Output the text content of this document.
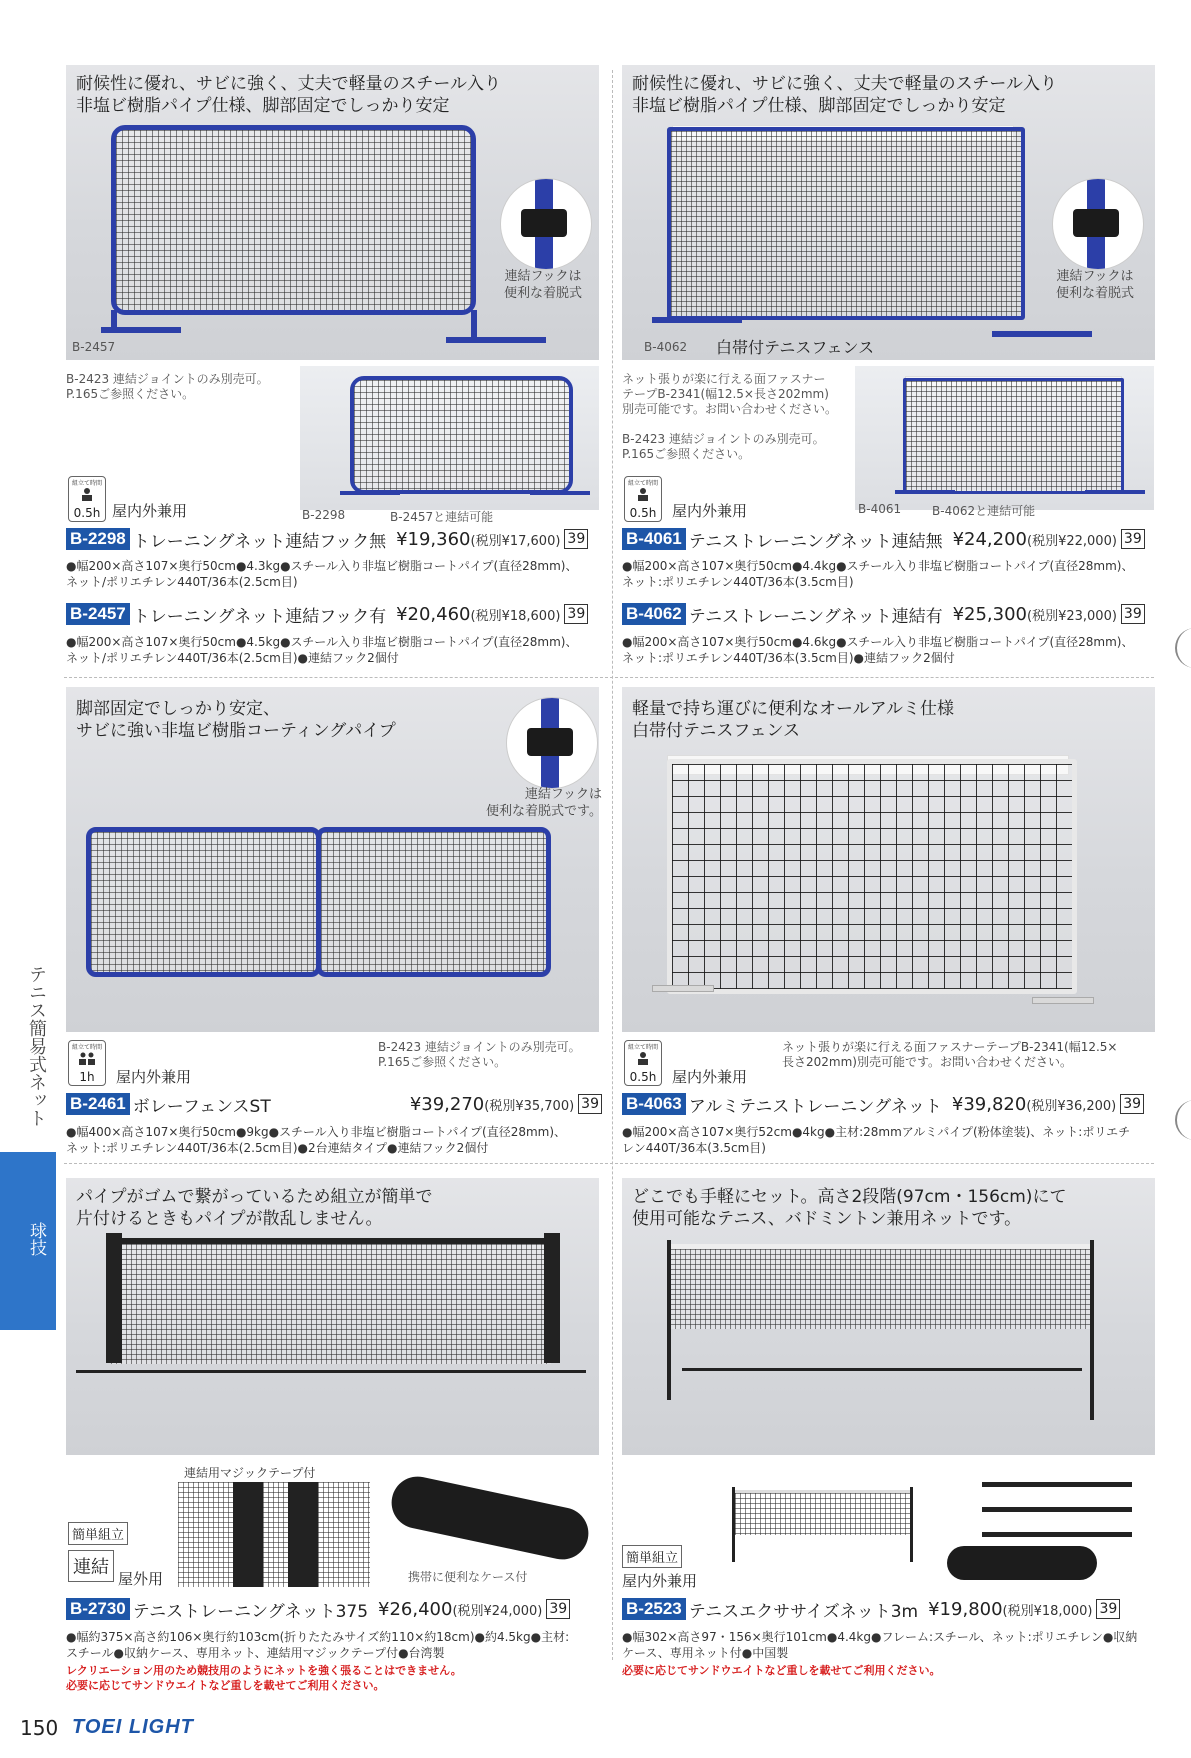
テニス簡易式ネット
球技
耐候性に優れ、サビに強く、丈夫で軽量のスチール入り
非塩ビ樹脂パイプ仕様、脚部固定でしっかり安定
連結フックは
便利な着脱式
B-2457
B-2423 連結ジョイントのみ別売可。
P.165ご参照ください。
B-2298	B-2457と連結可能
組立て時間
0.5h 屋内外兼用
B-2298 トレーニングネット連結フック無 ¥19,360 (税別¥17,600) 39
●幅200×高さ107×奥行50cm●4.3kg●スチール入り非塩ビ樹脂コートパイプ(直径28mm)、
ネット/ポリエチレン440T/36本(2.5cm目)
B-2457 トレーニングネット連結フック有 ¥20,460 (税別¥18,600) 39
●幅200×高さ107×奥行50cm●4.5kg●スチール入り非塩ビ樹脂コートパイプ(直径28mm)、
ネット/ポリエチレン440T/36本(2.5cm目)●連結フック2個付
耐候性に優れ、サビに強く、丈夫で軽量のスチール入り
非塩ビ樹脂パイプ仕様、脚部固定でしっかり安定
連結フックは
便利な着脱式
B-4062 白帯付テニスフェンス
ネット張りが楽に行える面ファスナー
テープB-2341(幅12.5×長さ202mm)
別売可能です。お問い合わせください。

B-2423 連結ジョイントのみ別売可。
P.165ご参照ください。
B-4061	B-4062と連結可能
組立て時間
0.5h	屋内外兼用
B-4061 テニストレーニングネット連結無 ¥24,200 (税別¥22,000) 39
●幅200×高さ107×奥行50cm●4.4kg●スチール入り非塩ビ樹脂コートパイプ(直径28mm)、
ネット:ポリエチレン440T/36本(3.5cm目)
B-4062 テニストレーニングネット連結有 ¥25,300 (税別¥23,000) 39
●幅200×高さ107×奥行50cm●4.6kg●スチール入り非塩ビ樹脂コートパイプ(直径28mm)、
ネット:ポリエチレン440T/36本(3.5cm目)●連結フック2個付
脚部固定でしっかり安定、
サビに強い非塩ビ樹脂コーティングパイプ
連結フックは
便利な着脱式です。
B-2423 連結ジョイントのみ別売可。
P.165ご参照ください。
組立て時間
1h	屋内外兼用
B-2461 ボレーフェンスST	¥39,270 (税別¥35,700) 39
●幅400×高さ107×奥行50cm●9kg●スチール入り非塩ビ樹脂コートパイプ(直径28mm)、
ネット:ポリエチレン440T/36本(2.5cm目)●2台連結タイプ●連結フック2個付
軽量で持ち運びに便利なオールアルミ仕様
白帯付テニスフェンス
ネット張りが楽に行える面ファスナーテープB-2341(幅12.5×
長さ202mm)別売可能です。お問い合わせください。
組立て時間
0.5h	屋内外兼用
B-4063 アルミテニストレーニングネット ¥39,820 (税別¥36,200) 39
●幅200×高さ107×奥行52cm●4kg●主材:28mmアルミパイプ(粉体塗装)、ネット:ポリエチ
レン440T/36本(3.5cm目)
パイプがゴムで繋がっているため組立が簡単で
片付けるときもパイプが散乱しません。
連結用マジックテープ付
携帯に便利なケース付
簡単組立
連結
屋外用
B-2730 テニストレーニングネット375 ¥26,400 (税別¥24,000) 39
●幅約375×高さ約106×奥行約103cm(折りたたみサイズ約110×約18cm)●約4.5kg●主材:
スチール●収納ケース、専用ネット、連結用マジックテープ付●台湾製
レクリエーション用のため競技用のようにネットを強く張ることはできません。
必要に応じてサンドウエイトなど重しを載せてご利用ください。
どこでも手軽にセット。高さ2段階(97cm・156cm)にて
使用可能なテニス、バドミントン兼用ネットです。
簡単組立
屋内外兼用
B-2523 テニスエクササイズネット3m ¥19,800 (税別¥18,000) 39
●幅302×高さ97・156×奥行101cm●4.4kg●フレーム:スチール、ネット:ポリエチレン●収納
ケース、専用ネット付●中国製
必要に応じてサンドウエイトなど重しを載せてご利用ください。
150 TOEI LIGHT
